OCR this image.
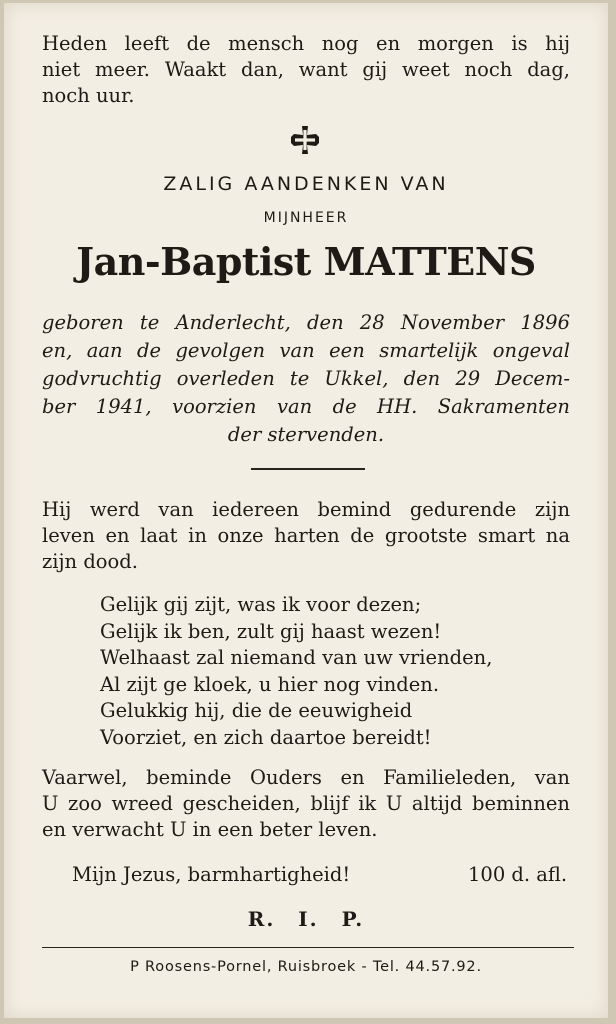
Heden leeft de mensch nog en morgen is hij
niet meer. Waakt dan, want gij weet noch dag,
noch uur.
ZALIG AANDENKEN VAN
MIJNHEER
Jan-Baptist MATTENS
geboren te Anderlecht, den 28 November 1896
en, aan de gevolgen van een smartelijk ongeval
godvruchtig overleden te Ukkel, den 29 Decem-
ber 1941, voorzien van de HH. Sakramenten
der stervenden.
Hij werd van iedereen bemind gedurende zijn
leven en laat in onze harten de grootste smart na
zijn dood.
Gelijk gij zijt, was ik voor dezen;
Gelijk ik ben, zult gij haast wezen!
Welhaast zal niemand van uw vrienden,
Al zijt ge kloek, u hier nog vinden.
Gelukkig hij, die de eeuwigheid
Voorziet, en zich daartoe bereidt!
Vaarwel, beminde Ouders en Familieleden, van
U zoo wreed gescheiden, blijf ik U altijd beminnen
en verwacht U in een beter leven.
Mijn Jezus, barmhartigheid!	100 d. afl.
R. I. P.
P Roosens-Pornel, Ruisbroek - Tel. 44.57.92.
